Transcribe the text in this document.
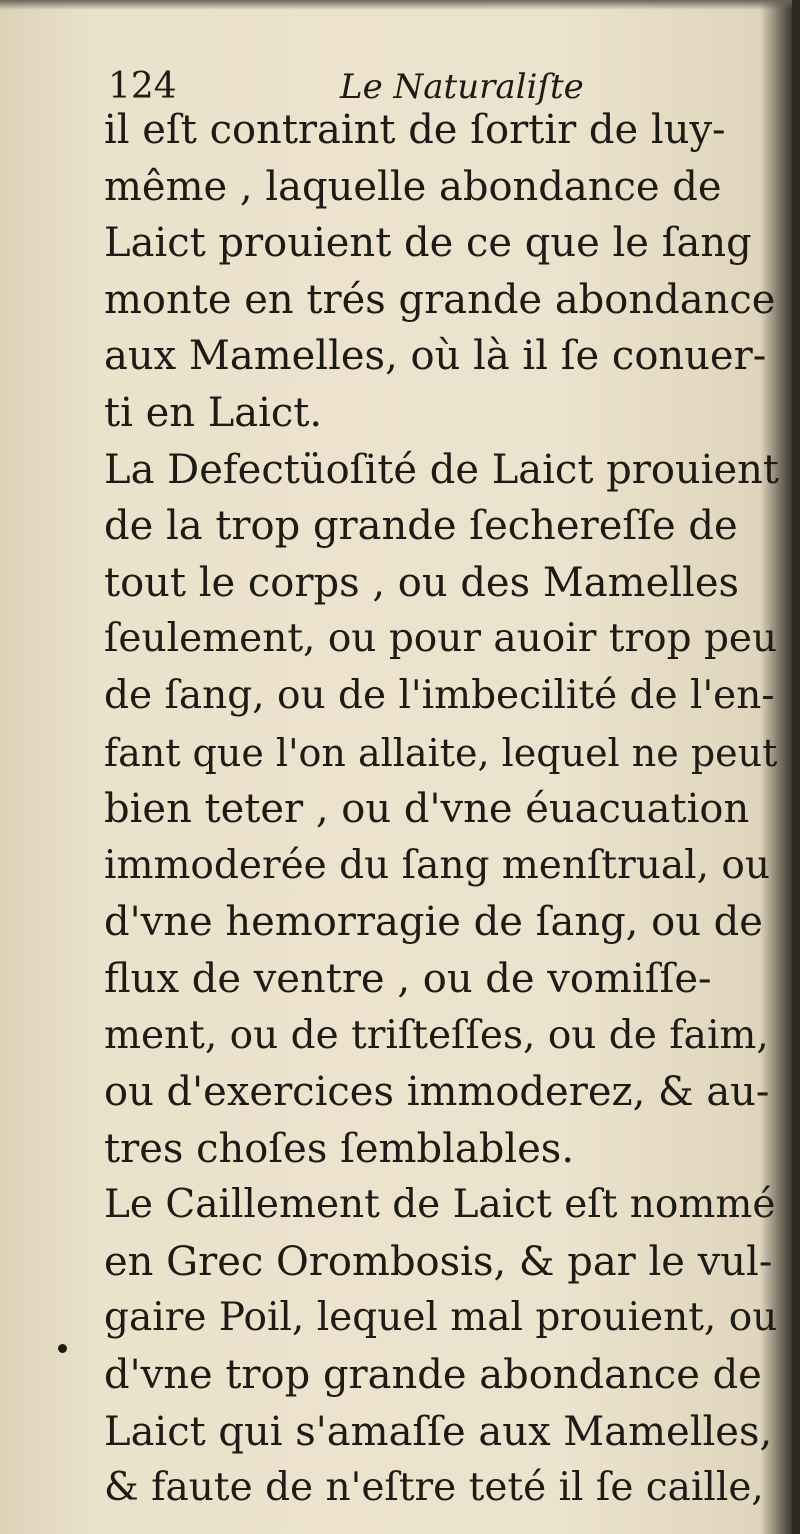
124	Le Naturaliſte
il eſt contraint de ſortir de luy-
même , laquelle abondance de
Laict prouient de ce que le ſang
monte en trés grande abondance
aux Mamelles, où là il ſe conuer-
ti en Laict.
La Defectüoſité de Laict prouient
de la trop grande ſechereſſe de
tout le corps , ou des Mamelles
ſeulement, ou pour auoir trop peu
de ſang, ou de l'imbecilité de l'en-
fant que l'on allaite, lequel ne peut
bien teter , ou d'vne éuacuation
immoderée du ſang menſtrual, ou
d'vne hemorragie de ſang, ou de
flux de ventre , ou de vomiſſe-
ment, ou de triſteſſes, ou de faim,
ou d'exercices immoderez, & au-
tres choſes ſemblables.
Le Caillement de Laict eſt nommé
en Grec Orombosis, & par le vul-
gaire Poil, lequel mal prouient, ou
d'vne trop grande abondance de
Laict qui s'amaſſe aux Mamelles,
& faute de n'eſtre teté il ſe caille,
